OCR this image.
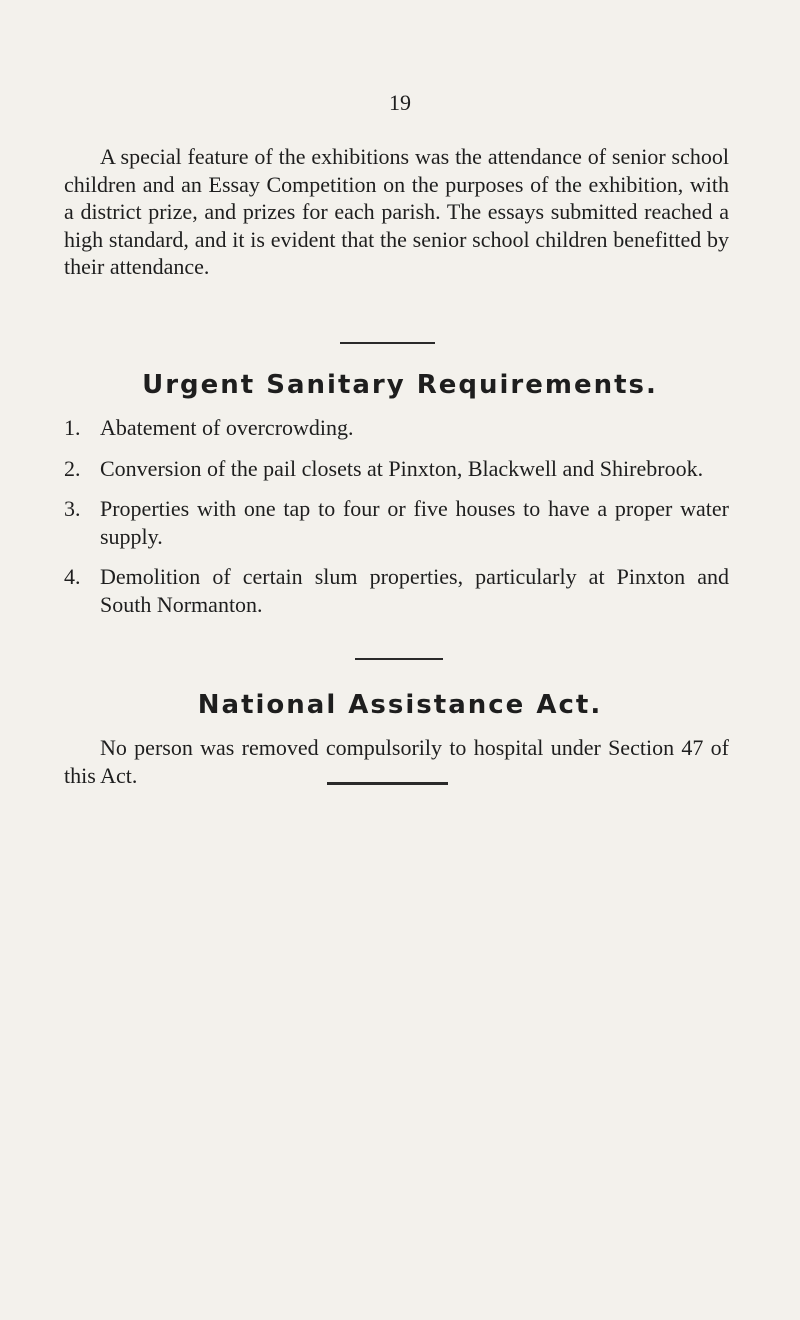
19
A special feature of the exhibitions was the attendance of senior school children and an Essay Competition on the purposes of the exhibition, with a district prize, and prizes for each parish. The essays submitted reached a high standard, and it is evident that the senior school children benefitted by their attendance.
Urgent Sanitary Requirements.
1. Abatement of overcrowding.
2. Conversion of the pail closets at Pinxton, Blackwell and Shirebrook.
3. Properties with one tap to four or five houses to have a proper water supply.
4. Demolition of certain slum properties, particularly at Pinxton and South Normanton.
National Assistance Act.
No person was removed compulsorily to hospital under Section 47 of this Act.
